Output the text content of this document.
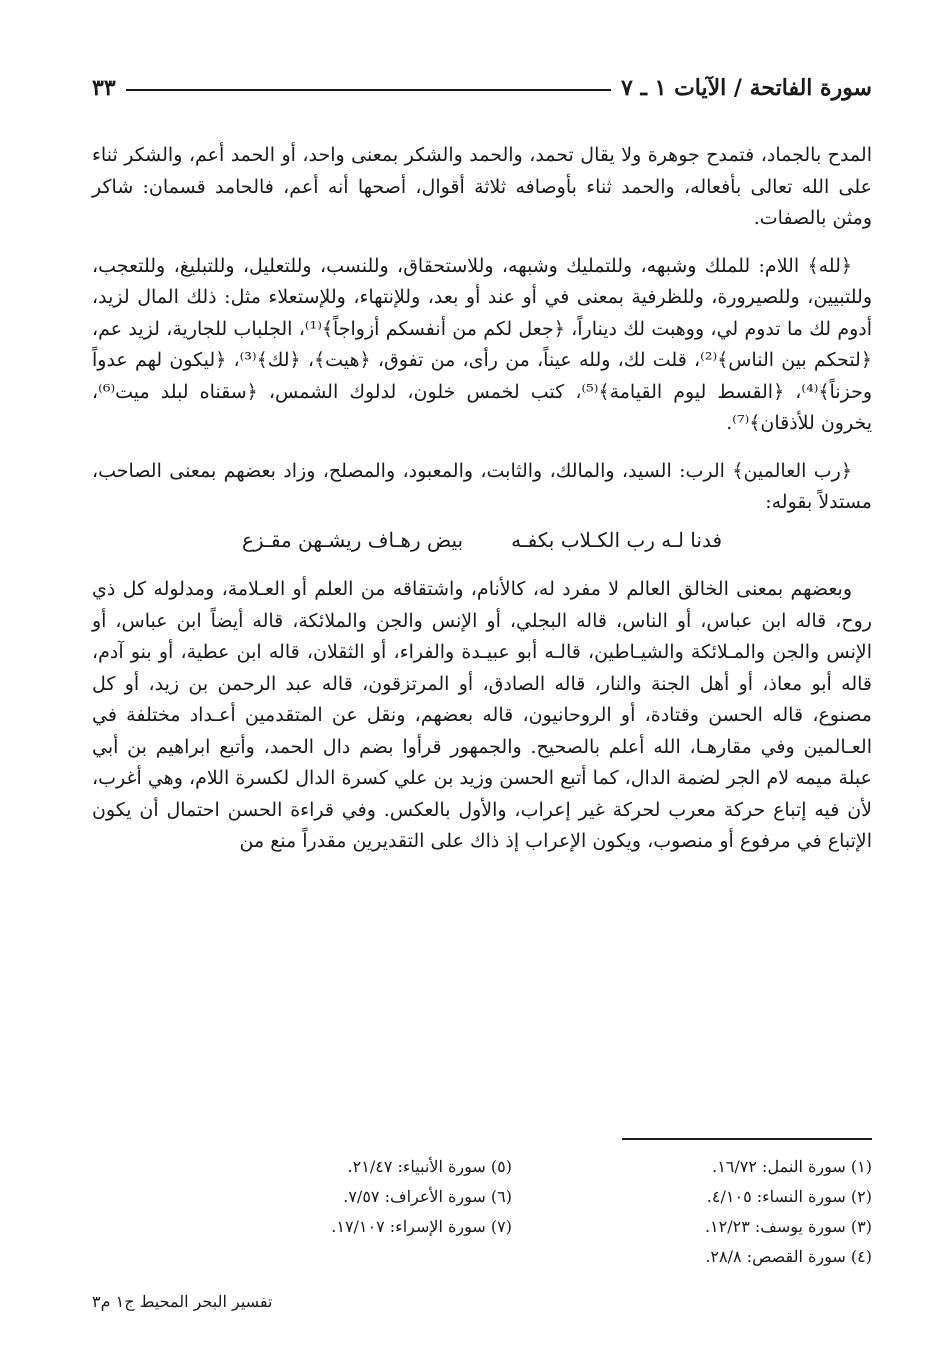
سورة الفاتحة / الآيات ١ ـ ٧
٣٣

المدح بالجماد، فتمدح جوهرة ولا يقال تحمد، والحمد والشكر بمعنى واحد، أو الحمد أعم، والشكر ثناء على الله تعالى بأفعاله، والحمد ثناء بأوصافه ثلاثة أقوال، أصحها أنه أعم، فالحامد قسمان: شاكر ومثن بالصفات.

﴿لله﴾ اللام: للملك وشبهه، وللتمليك وشبهه، وللاستحقاق، وللنسب، وللتعليل، وللتبليغ، وللتعجب، وللتبيين، وللصيرورة، وللظرفية بمعنى في أو عند أو بعد، وللإنتهاء، وللإستعلاء مثل: ذلك المال لزيد، أدوم لك ما تدوم لي، ووهبت لك ديناراً، ﴿جعل لكم من أنفسكم أزواجاً﴾⁽¹⁾، الجلباب للجارية، لزيد عم، ﴿لتحكم بين الناس﴾⁽²⁾، قلت لك، ولله عيناً، من رأى، من تفوق، ﴿هيت﴾، ﴿لك﴾⁽³⁾، ﴿ليكون لهم عدواً وحزناً﴾⁽⁴⁾، ﴿القسط ليوم القيامة﴾⁽⁵⁾، كتب لخمس خلون، لدلوك الشمس، ﴿سقناه لبلد ميت⁽⁶⁾، يخرون للأذقان﴾⁽⁷⁾.

﴿رب العالمين﴾ الرب: السيد، والمالك، والثابت، والمعبود، والمصلح، وزاد بعضهم بمعنى الصاحب، مستدلاً بقوله:

فدنا لـه رب الكـلاب بكفـه
بيض رهـاف ريشـهن مقـزع

وبعضهم بمعنى الخالق العالم لا مفرد له، كالأنام، واشتقاقه من العلم أو العـلامة، ومدلوله كل ذي روح، قاله ابن عباس، أو الناس، قاله البجلي، أو الإنس والجن والملائكة، قاله أيضاً ابن عباس، أو الإنس والجن والمـلائكة والشيـاطين، قالـه أبو عبيـدة والفراء، أو الثقلان، قاله ابن عطية، أو بنو آدم، قاله أبو معاذ، أو أهل الجنة والنار، قاله الصادق، أو المرتزقون، قاله عبد الرحمن بن زيد، أو كل مصنوع، قاله الحسن وقتادة، أو الروحانيون، قاله بعضهم، ونقل عن المتقدمين أعـداد مختلفة في العـالمين وفي مقارهـا، الله أعلم بالصحيح. والجمهور قرأوا بضم دال الحمد، وأتبع ابراهيم بن أبي عبلة ميمه لام الجر لضمة الدال، كما أتبع الحسن وزيد بن علي كسرة الدال لكسرة اللام، وهي أغرب، لأن فيه إتباع حركة معرب لحركة غير إعراب، والأول بالعكس. وفي قراءة الحسن احتمال أن يكون الإتباع في مرفوع أو منصوب، ويكون الإعراب إذ ذاك على التقديرين مقدراً منع من

(١) سورة النمل: ١٦/٧٢.
(٢) سورة النساء: ٤/١٠٥.
(٣) سورة يوسف: ١٢/٢٣.
(٤) سورة القصص: ٢٨/٨.
(٥) سورة الأنبياء: ٢١/٤٧.
(٦) سورة الأعراف: ٧/٥٧.
(٧) سورة الإسراء: ١٧/١٠٧.
تفسير البحر المحيط ج١ م٣
